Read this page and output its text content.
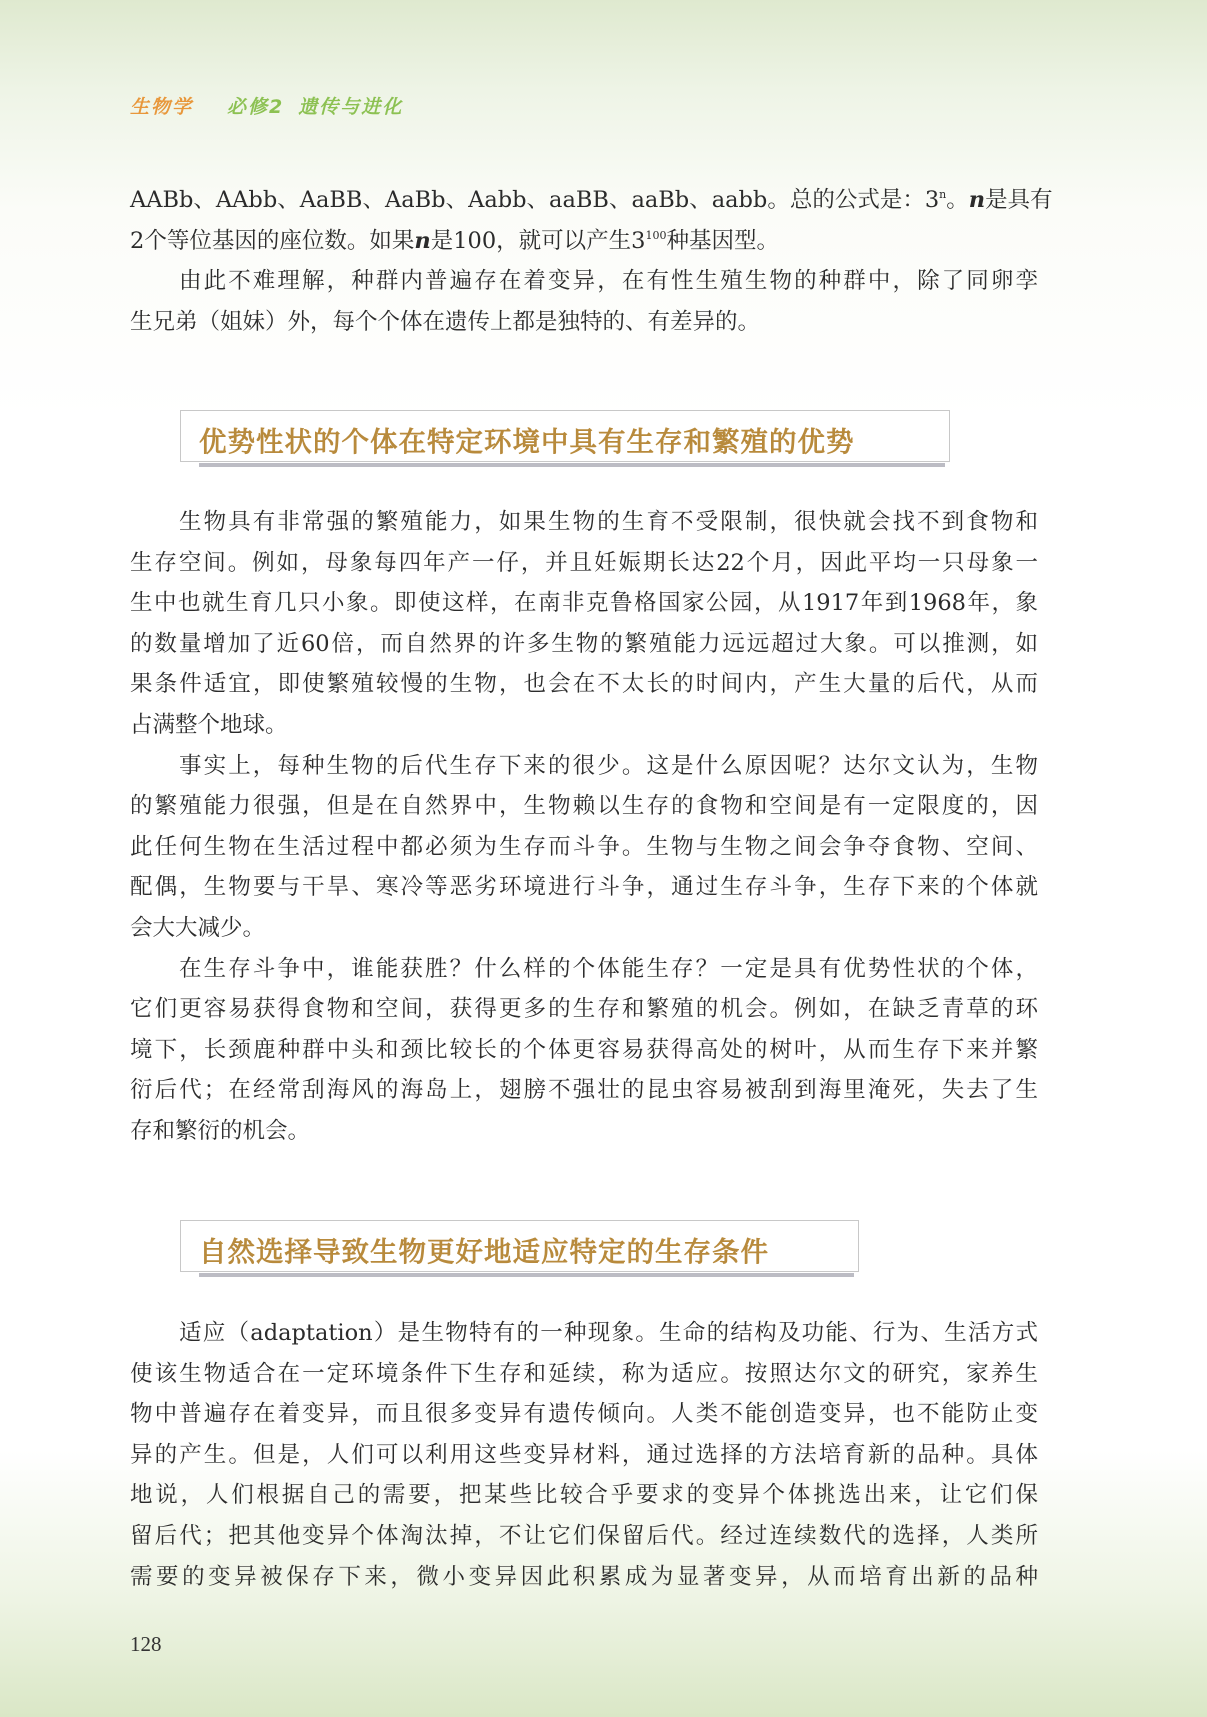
生物学 必修2 遗传与进化

AABb、AAbb、AaBB、AaBb、Aabb、aaBB、aaBb、aabb。总的公式是：3$^n$。n是具有
2个等位基因的座位数。如果n是100，就可以产生$3^{100}$种基因型。

由此不难理解，种群内普遍存在着变异，在有性生殖生物的种群中，除了同卵孪
生兄弟（姐妹）外，每个个体在遗传上都是独特的、有差异的。

优势性状的个体在特定环境中具有生存和繁殖的优势

生物具有非常强的繁殖能力，如果生物的生育不受限制，很快就会找不到食物和
生存空间。例如，母象每四年产一仔，并且妊娠期长达22个月，因此平均一只母象一
生中也就生育几只小象。即使这样，在南非克鲁格国家公园，从1917年到1968年，象
的数量增加了近60倍，而自然界的许多生物的繁殖能力远远超过大象。可以推测，如
果条件适宜，即使繁殖较慢的生物，也会在不太长的时间内，产生大量的后代，从而
占满整个地球。

事实上，每种生物的后代生存下来的很少。这是什么原因呢？达尔文认为，生物
的繁殖能力很强，但是在自然界中，生物赖以生存的食物和空间是有一定限度的，因
此任何生物在生活过程中都必须为生存而斗争。生物与生物之间会争夺食物、空间、
配偶，生物要与干旱、寒冷等恶劣环境进行斗争，通过生存斗争，生存下来的个体就
会大大减少。

在生存斗争中，谁能获胜？什么样的个体能生存？一定是具有优势性状的个体，
它们更容易获得食物和空间，获得更多的生存和繁殖的机会。例如，在缺乏青草的环
境下，长颈鹿种群中头和颈比较长的个体更容易获得高处的树叶，从而生存下来并繁
衍后代；在经常刮海风的海岛上，翅膀不强壮的昆虫容易被刮到海里淹死，失去了生
存和繁衍的机会。

自然选择导致生物更好地适应特定的生存条件

适应（adaptation）是生物特有的一种现象。生命的结构及功能、行为、生活方式
使该生物适合在一定环境条件下生存和延续，称为适应。按照达尔文的研究，家养生
物中普遍存在着变异，而且很多变异有遗传倾向。人类不能创造变异，也不能防止变
异的产生。但是，人们可以利用这些变异材料，通过选择的方法培育新的品种。具体
地说，人们根据自己的需要，把某些比较合乎要求的变异个体挑选出来，让它们保
留后代；把其他变异个体淘汰掉，不让它们保留后代。经过连续数代的选择，人类所
需要的变异被保存下来，微小变异因此积累成为显著变异，从而培育出新的品种

128
